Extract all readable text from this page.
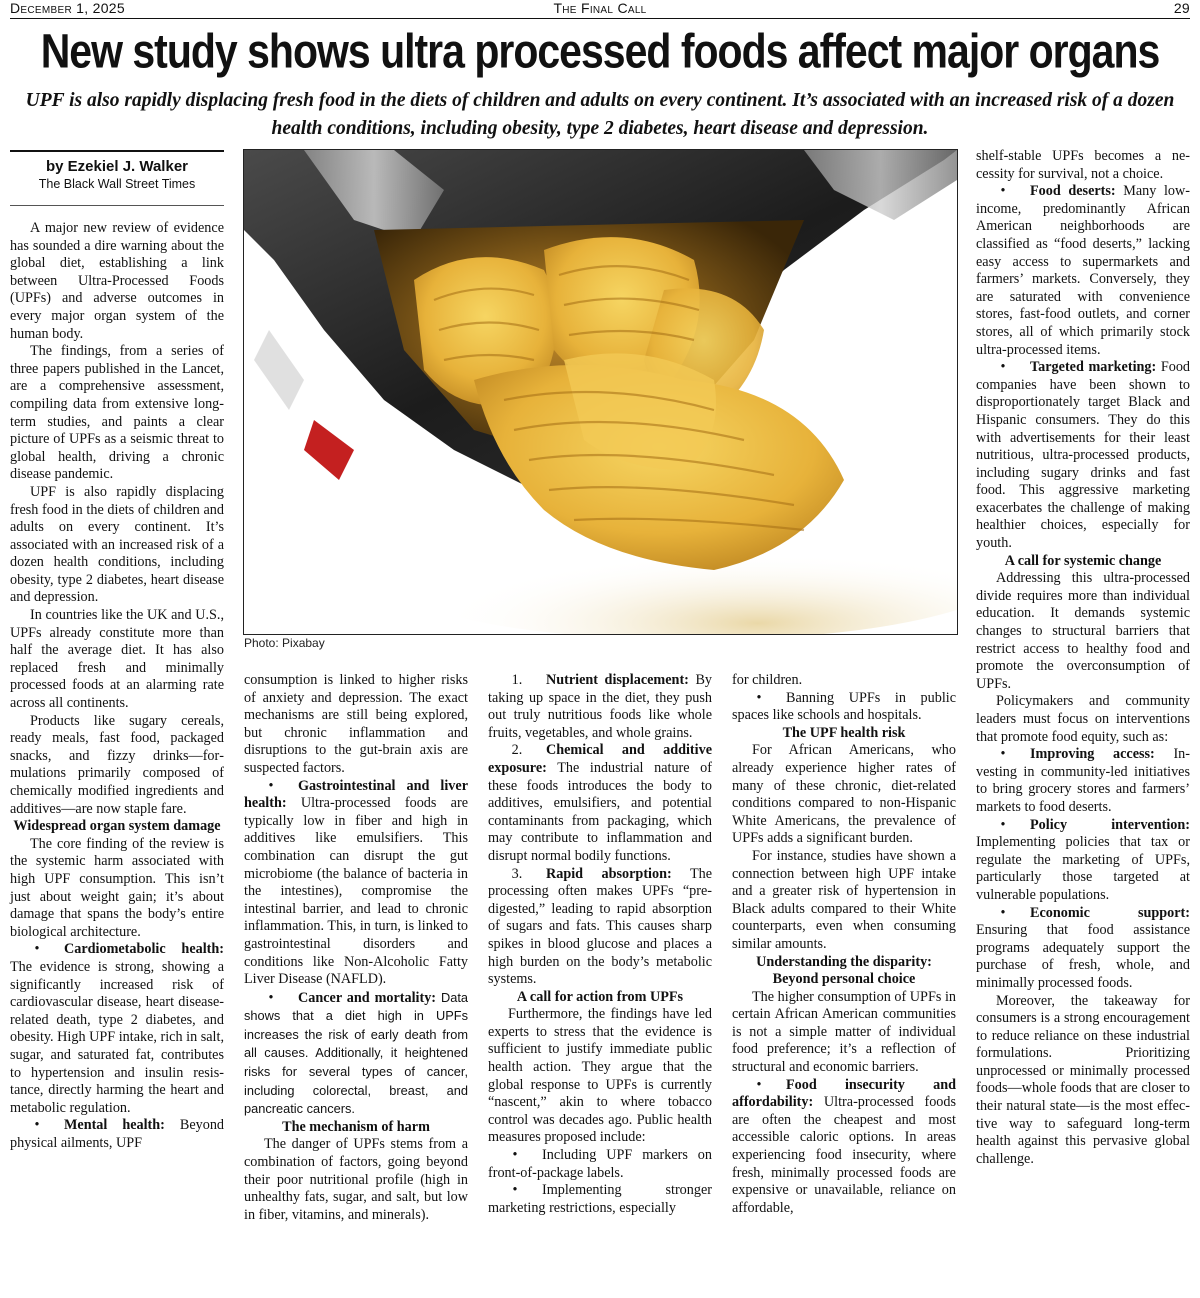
December 1, 2025	The Final Call	29
New study shows ultra processed foods affect major organs
UPF is also rapidly displacing fresh food in the diets of children and adults on every continent. It’s associated with an increased risk of a dozen health conditions, including obesity, type 2 diabetes, heart disease and depression.
by Ezekiel J. Walker
The Black Wall Street Times
Photo: Pixabay

A major new review of evidence has sounded a dire warning about the global diet, establishing a link between Ultra-Processed Foods (UPFs) and adverse outcomes in every major organ system of the human body.

The findings, from a series of three papers published in the Lancet, are a comprehensive assessment, compiling data from extensive long-term studies, and paints a clear picture of UPFs as a seismic threat to global health, driving a chronic disease pandemic.

UPF is also rapidly displacing fresh food in the diets of children and adults on every continent. It’s associated with an increased risk of a dozen health conditions, including obesity, type 2 diabetes, heart disease and depression.

In countries like the UK and U.S., UPFs already constitute more than half the average diet. It has also replaced fresh and minimally processed foods at an alarming rate across all continents.

Products like sugary cereals, ready meals, fast food, packaged snacks, and fizzy drinks—formulations primarily composed of chemically modified ingredients and additives—are now staple fare.

Widespread organ system damage

The core finding of the review is the systemic harm associated with high UPF consumption. This isn’t just about weight gain; it’s about damage that spans the body’s entire biological architecture.

• Cardiometabolic health: The evidence is strong, showing a significantly increased risk of cardiovascular disease, heart disease-related death, type 2 diabetes, and obesity. High UPF intake, rich in salt, sugar, and saturated fat, contributes to hypertension and insulin resistance, directly harming the heart and metabolic regulation.

• Mental health: Beyond physical ailments, UPF

consumption is linked to higher risks of anxiety and depression. The exact mechanisms are still being explored, but chronic inflammation and disruptions to the gut-brain axis are suspected factors.

• Gastrointestinal and liver health: Ultra-processed foods are typically low in fiber and high in additives like emulsifiers. This combination can disrupt the gut microbiome (the balance of bacteria in the intestines), compromise the intestinal barrier, and lead to chronic inflammation. This, in turn, is linked to gastrointestinal disorders and conditions like Non-Alcoholic Fatty Liver Disease (NAFLD).

• Cancer and mortality: Data shows that a diet high in UPFs increases the risk of early death from all causes. Additionally, it heightened risks for several types of cancer, including colorectal, breast, and pancreatic cancers.

The mechanism of harm

The danger of UPFs stems from a combination of factors, going beyond their poor nutritional profile (high in unhealthy fats, sugar, and salt, but low in fiber, vitamins, and minerals).

1. Nutrient displacement: By taking up space in the diet, they push out truly nutritious foods like whole fruits, vegetables, and whole grains.

2. Chemical and additive exposure: The industrial nature of these foods introduces the body to additives, emulsifiers, and potential contaminants from packaging, which may contribute to inflammation and disrupt normal bodily functions.

3. Rapid absorption: The processing often makes UPFs “pre-digested,” leading to rapid absorption of sugars and fats. This causes sharp spikes in blood glucose and places a high burden on the body’s metabolic systems.

A call for action from UPFs

Furthermore, the findings have led experts to stress that the evidence is sufficient to justify immediate public health action. They argue that the global response to UPFs is currently “nascent,” akin to where tobacco control was decades ago. Public health measures proposed include:

• Including UPF markers on front-of-package labels.

• Implementing stronger marketing restrictions, especially

for children.

• Banning UPFs in public spaces like schools and hospitals.

The UPF health risk

For African Americans, who already experience higher rates of many of these chronic, diet-related conditions compared to non-Hispanic White Americans, the prevalence of UPFs adds a significant burden.

For instance, studies have shown a connection between high UPF intake and a greater risk of hypertension in Black adults compared to their White counterparts, even when consuming similar amounts.

Understanding the disparity:
Beyond personal choice

The higher consumption of UPFs in certain African American communities is not a simple matter of individual food preference; it’s a reflection of structural and economic barriers.

• Food insecurity and affordability: Ultra-processed foods are often the cheapest and most accessible caloric options. In areas experiencing food insecurity, where fresh, minimally processed foods are expensive or unavailable, reliance on affordable,

shelf-stable UPFs becomes a necessity for survival, not a choice.

• Food deserts: Many low-income, predominantly African American neighborhoods are classified as “food deserts,” lacking easy access to supermarkets and farmers’ markets. Conversely, they are saturated with convenience stores, fast-food outlets, and corner stores, all of which primarily stock ultra-processed items.

• Targeted marketing: Food companies have been shown to disproportionately target Black and Hispanic consumers. They do this with advertisements for their least nutritious, ultra-processed products, including sugary drinks and fast food. This aggressive marketing exacerbates the challenge of making healthier choices, especially for youth.

A call for systemic change

Addressing this ultra-processed divide requires more than individual education. It demands systemic changes to structural barriers that restrict access to healthy food and promote the overconsumption of UPFs.

Policymakers and community leaders must focus on interventions that promote food equity, such as:

• Improving access: Investing in community-led initiatives to bring grocery stores and farmers’ markets to food deserts.

• Policy intervention: Implementing policies that tax or regulate the marketing of UPFs, particularly those targeted at vulnerable populations.

• Economic support: Ensuring that food assistance programs adequately support the purchase of fresh, whole, and minimally processed foods.

Moreover, the takeaway for consumers is a strong encouragement to reduce reliance on these industrial formulations. Prioritizing unprocessed or minimally processed foods—whole foods that are closer to their natural state—is the most effective way to safeguard long-term health against this pervasive global challenge.
